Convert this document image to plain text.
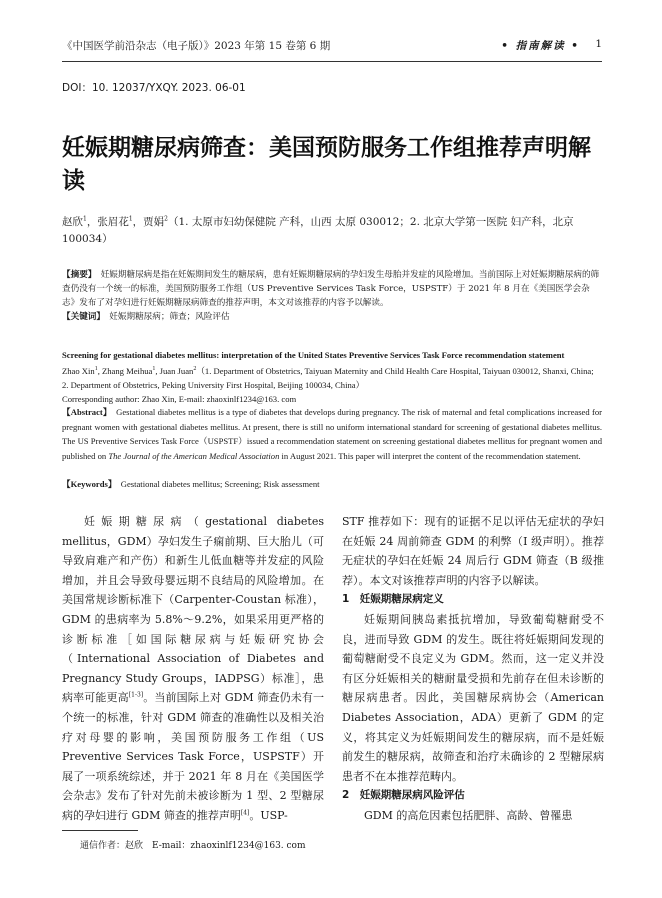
《中国医学前沿杂志（电子版）》2023 年第 15 卷第 6 期	• 指南解读 • 1
DOI：10. 12037/YXQY. 2023. 06-01
妊娠期糖尿病筛查：美国预防服务工作组推荐声明解读
赵欣$^1$，张眉花$^1$，贾娟$^2$（1. 太原市妇幼保健院 产科，山西 太原 030012；2. 北京大学第一医院 妇产科，北京 100034）
【摘要】　 妊娠期糖尿病是指在妊娠期间发生的糖尿病，患有妊娠期糖尿病的孕妇发生母胎并发症的风险增加。当前国际上对妊娠期糖尿病的筛查仍没有一个统一的标准，美国预防服务工作组（US Preventive Services Task Force，USPSTF）于 2021 年 8 月在《美国医学会杂志》发布了对孕妇进行妊娠期糖尿病筛查的推荐声明，本文对该推荐的内容予以解读。
【关键词】　 妊娠期糖尿病；筛查；风险评估
Screening for gestational diabetes mellitus: interpretation of the United States Preventive Services Task Force recommendation statement
Zhao Xin$^1$, Zhang Meihua$^1$, Juan Juan$^2$（1. Department of Obstetrics, Taiyuan Maternity and Child Health Care Hospital, Taiyuan 030012, Shanxi, China; 2. Department of Obstetrics, Peking University First Hospital, Beijing 100034, China）
Corresponding author: Zhao Xin, E-mail: zhaoxinlf1234@163. com
【Abstract】　 Gestational diabetes mellitus is a type of diabetes that develops during pregnancy. The risk of maternal and fetal complications increased for pregnant women with gestational diabetes mellitus. At present, there is still no uniform international standard for screening of gestational diabetes mellitus. The US Preventive Services Task Force（USPSTF）issued a recommendation statement on screening gestational diabetes mellitus for pregnant women and published on The Journal of the American Medical Association in August 2021. This paper will interpret the content of the recommendation statement.
【Keywords】　 Gestational diabetes mellitus; Screening; Risk assessment

妊娠期糖尿病（gestational diabetes mellitus，GDM）孕妇发生子痫前期、巨大胎儿（可导致肩难产和产伤）和新生儿低血糖等并发症的风险增加，并且会导致母婴远期不良结局的风险增加。在美国常规诊断标准下（Carpenter-Coustan 标准），GDM 的患病率为 5.8%～9.2%，如果采用更严格的诊断标准［如国际糖尿病与妊娠研究协会（International Association of Diabetes and Pregnancy Study Groups，IADPSG）标准］，患病率可能更高[1-3]。当前国际上对 GDM 筛查仍未有一个统一的标准，针对 GDM 筛查的准确性以及相关治疗对母婴的影响，美国预防服务工作组（US Preventive Services Task Force，USPSTF）开展了一项系统综述，并于 2021 年 8 月在《美国医学会杂志》发布了针对先前未被诊断为 1 型、2 型糖尿病的孕妇进行 GDM 筛查的推荐声明[4]。USP-

STF 推荐如下：现有的证据不足以评估无症状的孕妇在妊娠 24 周前筛查 GDM 的利弊（I 级声明）。推荐无症状的孕妇在妊娠 24 周后行 GDM 筛查（B 级推荐）。本文对该推荐声明的内容予以解读。

1　妊娠期糖尿病定义

妊娠期间胰岛素抵抗增加，导致葡萄糖耐受不良，进而导致 GDM 的发生。既往将妊娠期间发现的葡萄糖耐受不良定义为 GDM。然而，这一定义并没有区分妊娠相关的糖耐量受损和先前存在但未诊断的糖尿病患者。因此，美国糖尿病协会（American Diabetes Association，ADA）更新了 GDM 的定义，将其定义为妊娠期间发生的糖尿病，而不是妊娠前发生的糖尿病，故筛查和治疗未确诊的 2 型糖尿病患者不在本推荐范畴内。

2　妊娠期糖尿病风险评估

GDM 的高危因素包括肥胖、高龄、曾罹患

通信作者：赵欣　E-mail：zhaoxinlf1234@163. com
